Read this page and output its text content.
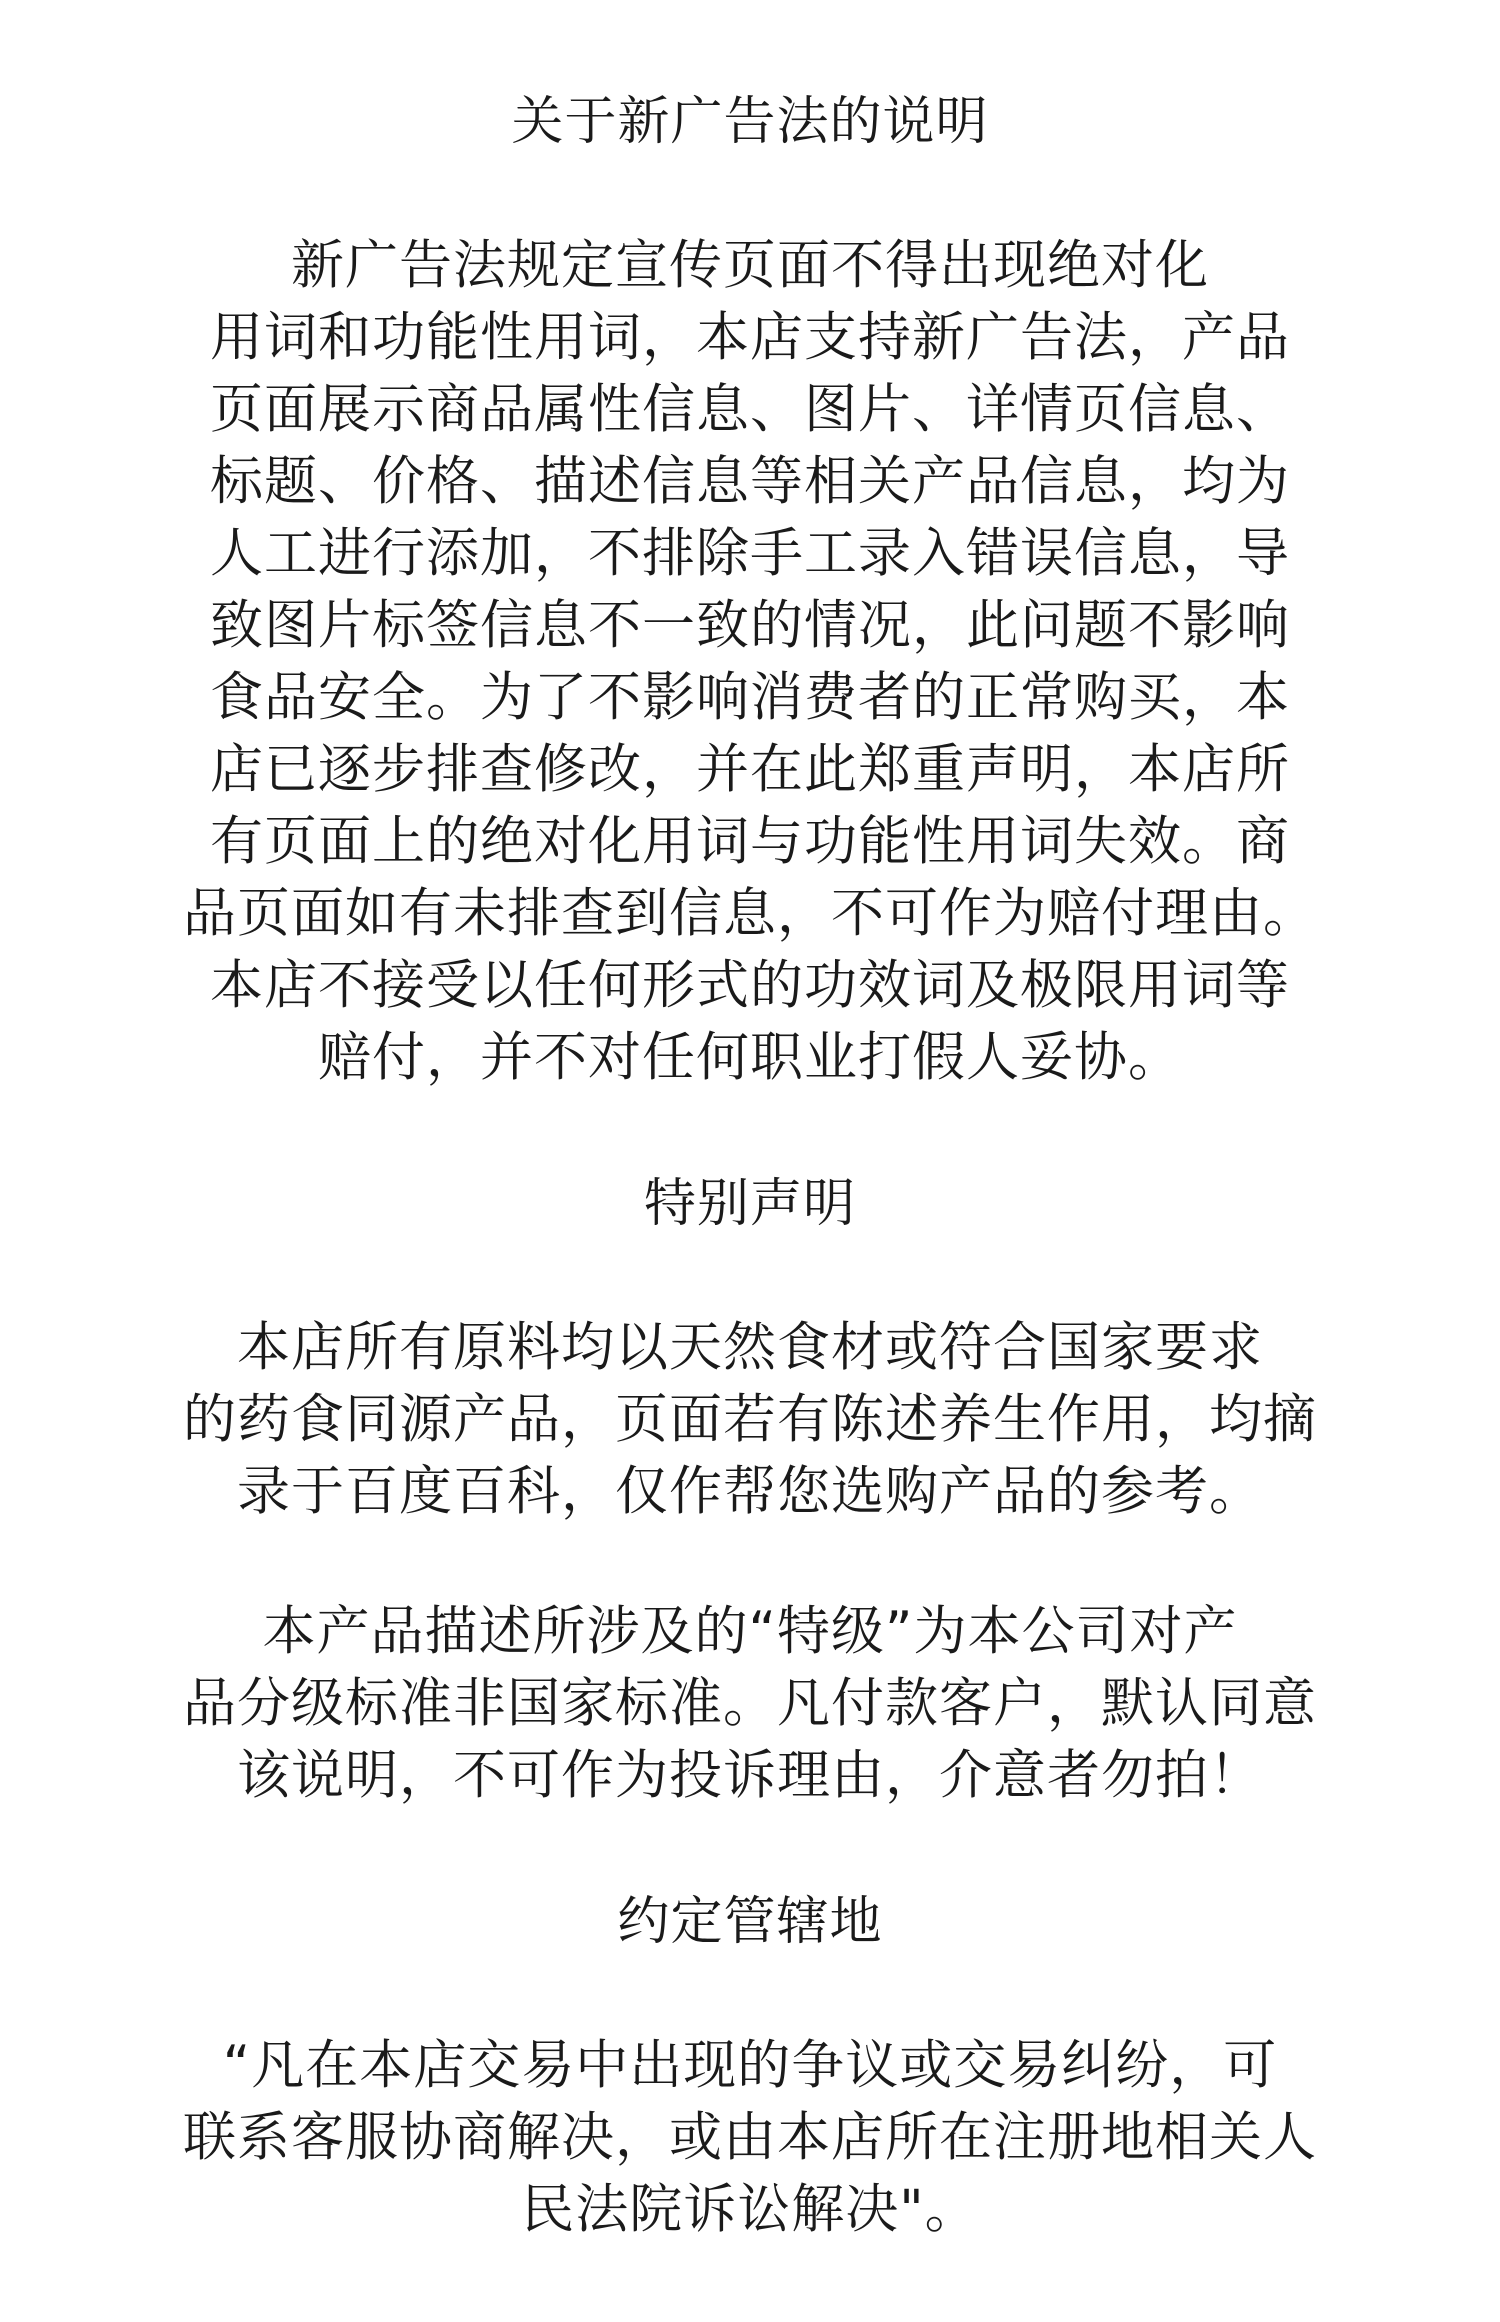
关于新广告法的说明
新广告法规定宣传页面不得出现绝对化
用词和功能性用词，本店支持新广告法，产品
页面展示商品属性信息、图片、详情页信息、
标题、价格、描述信息等相关产品信息，均为
人工进行添加，不排除手工录入错误信息，导
致图片标签信息不一致的情况，此问题不影响
食品安全。为了不影响消费者的正常购买，本
店已逐步排查修改，并在此郑重声明，本店所
有页面上的绝对化用词与功能性用词失效。商
品页面如有未排查到信息，不可作为赔付理由。
本店不接受以任何形式的功效词及极限用词等
赔付，并不对任何职业打假人妥协。
特别声明
本店所有原料均以天然食材或符合国家要求
的药食同源产品，页面若有陈述养生作用，均摘
录于百度百科，仅作帮您选购产品的参考。
本产品描述所涉及的“特级”为本公司对产
品分级标准非国家标准。凡付款客户，默认同意
该说明，不可作为投诉理由，介意者勿拍！
约定管辖地
“凡在本店交易中出现的争议或交易纠纷，可
联系客服协商解决，或由本店所在注册地相关人
民法院诉讼解决"。
